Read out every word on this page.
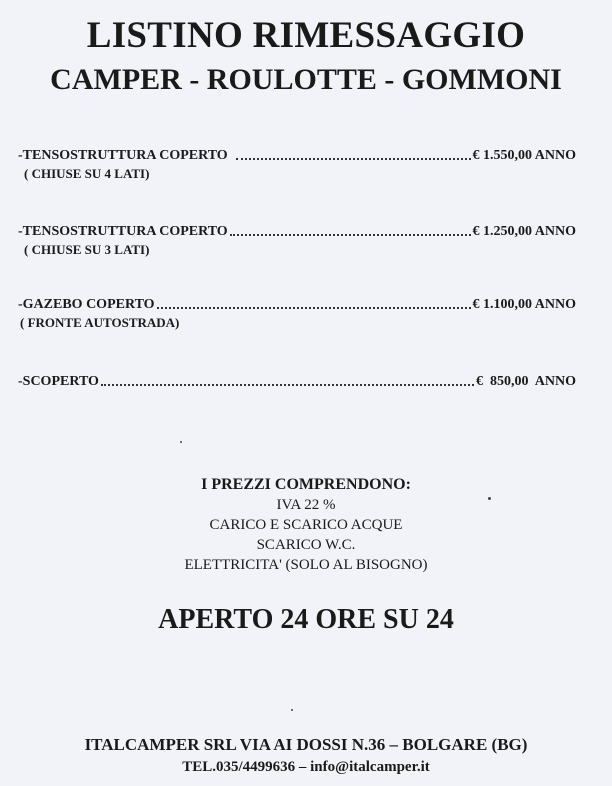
LISTINO RIMESSAGGIO
CAMPER - ROULOTTE - GOMMONI
-TENSOSTRUTTURA COPERTO	€ 1.550,00 ANNO
( CHIUSE SU 4 LATI)
-TENSOSTRUTTURA COPERTO	€ 1.250,00 ANNO
( CHIUSE SU 3 LATI)
-GAZEBO COPERTO	€ 1.100,00 ANNO
( FRONTE AUTOSTRADA)
-SCOPERTO	€  850,00  ANNO
I PREZZI COMPRENDONO:
IVA 22 %
CARICO E SCARICO ACQUE
SCARICO W.C.
ELETTRICITA' (SOLO AL BISOGNO)
APERTO 24 ORE SU 24
ITALCAMPER SRL VIA AI DOSSI N.36 – BOLGARE (BG)
TEL.035/4499636 – info@italcamper.it
